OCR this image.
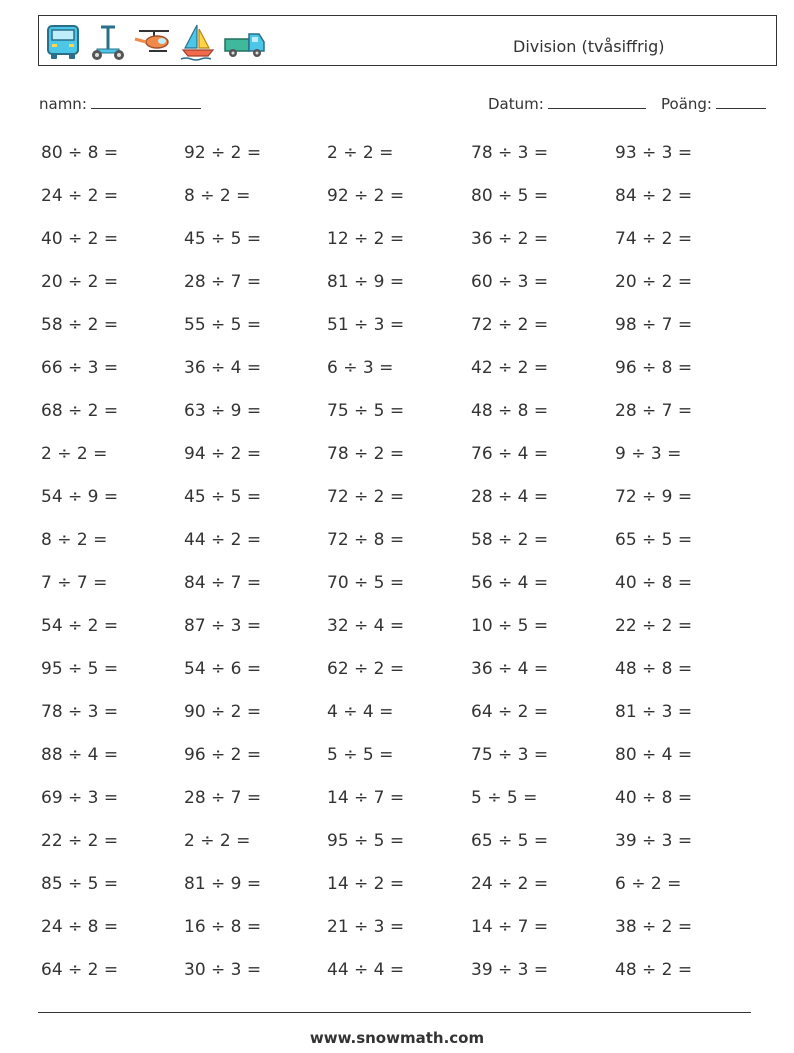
Division (tvåsiffrig)
namn:	Datum:	Poäng:
80 ÷ 8 =	92 ÷ 2 =	2 ÷ 2 =	78 ÷ 3 =	93 ÷ 3 =
24 ÷ 2 =	8 ÷ 2 =	92 ÷ 2 =	80 ÷ 5 =	84 ÷ 2 =
40 ÷ 2 =	45 ÷ 5 =	12 ÷ 2 =	36 ÷ 2 =	74 ÷ 2 =
20 ÷ 2 =	28 ÷ 7 =	81 ÷ 9 =	60 ÷ 3 =	20 ÷ 2 =
58 ÷ 2 =	55 ÷ 5 =	51 ÷ 3 =	72 ÷ 2 =	98 ÷ 7 =
66 ÷ 3 =	36 ÷ 4 =	6 ÷ 3 =	42 ÷ 2 =	96 ÷ 8 =
68 ÷ 2 =	63 ÷ 9 =	75 ÷ 5 =	48 ÷ 8 =	28 ÷ 7 =
2 ÷ 2 =	94 ÷ 2 =	78 ÷ 2 =	76 ÷ 4 =	9 ÷ 3 =
54 ÷ 9 =	45 ÷ 5 =	72 ÷ 2 =	28 ÷ 4 =	72 ÷ 9 =
8 ÷ 2 =	44 ÷ 2 =	72 ÷ 8 =	58 ÷ 2 =	65 ÷ 5 =
7 ÷ 7 =	84 ÷ 7 =	70 ÷ 5 =	56 ÷ 4 =	40 ÷ 8 =
54 ÷ 2 =	87 ÷ 3 =	32 ÷ 4 =	10 ÷ 5 =	22 ÷ 2 =
95 ÷ 5 =	54 ÷ 6 =	62 ÷ 2 =	36 ÷ 4 =	48 ÷ 8 =
78 ÷ 3 =	90 ÷ 2 =	4 ÷ 4 =	64 ÷ 2 =	81 ÷ 3 =
88 ÷ 4 =	96 ÷ 2 =	5 ÷ 5 =	75 ÷ 3 =	80 ÷ 4 =
69 ÷ 3 =	28 ÷ 7 =	14 ÷ 7 =	5 ÷ 5 =	40 ÷ 8 =
22 ÷ 2 =	2 ÷ 2 =	95 ÷ 5 =	65 ÷ 5 =	39 ÷ 3 =
85 ÷ 5 =	81 ÷ 9 =	14 ÷ 2 =	24 ÷ 2 =	6 ÷ 2 =
24 ÷ 8 =	16 ÷ 8 =	21 ÷ 3 =	14 ÷ 7 =	38 ÷ 2 =
64 ÷ 2 =	30 ÷ 3 =	44 ÷ 4 =	39 ÷ 3 =	48 ÷ 2 =
www.snowmath.com
